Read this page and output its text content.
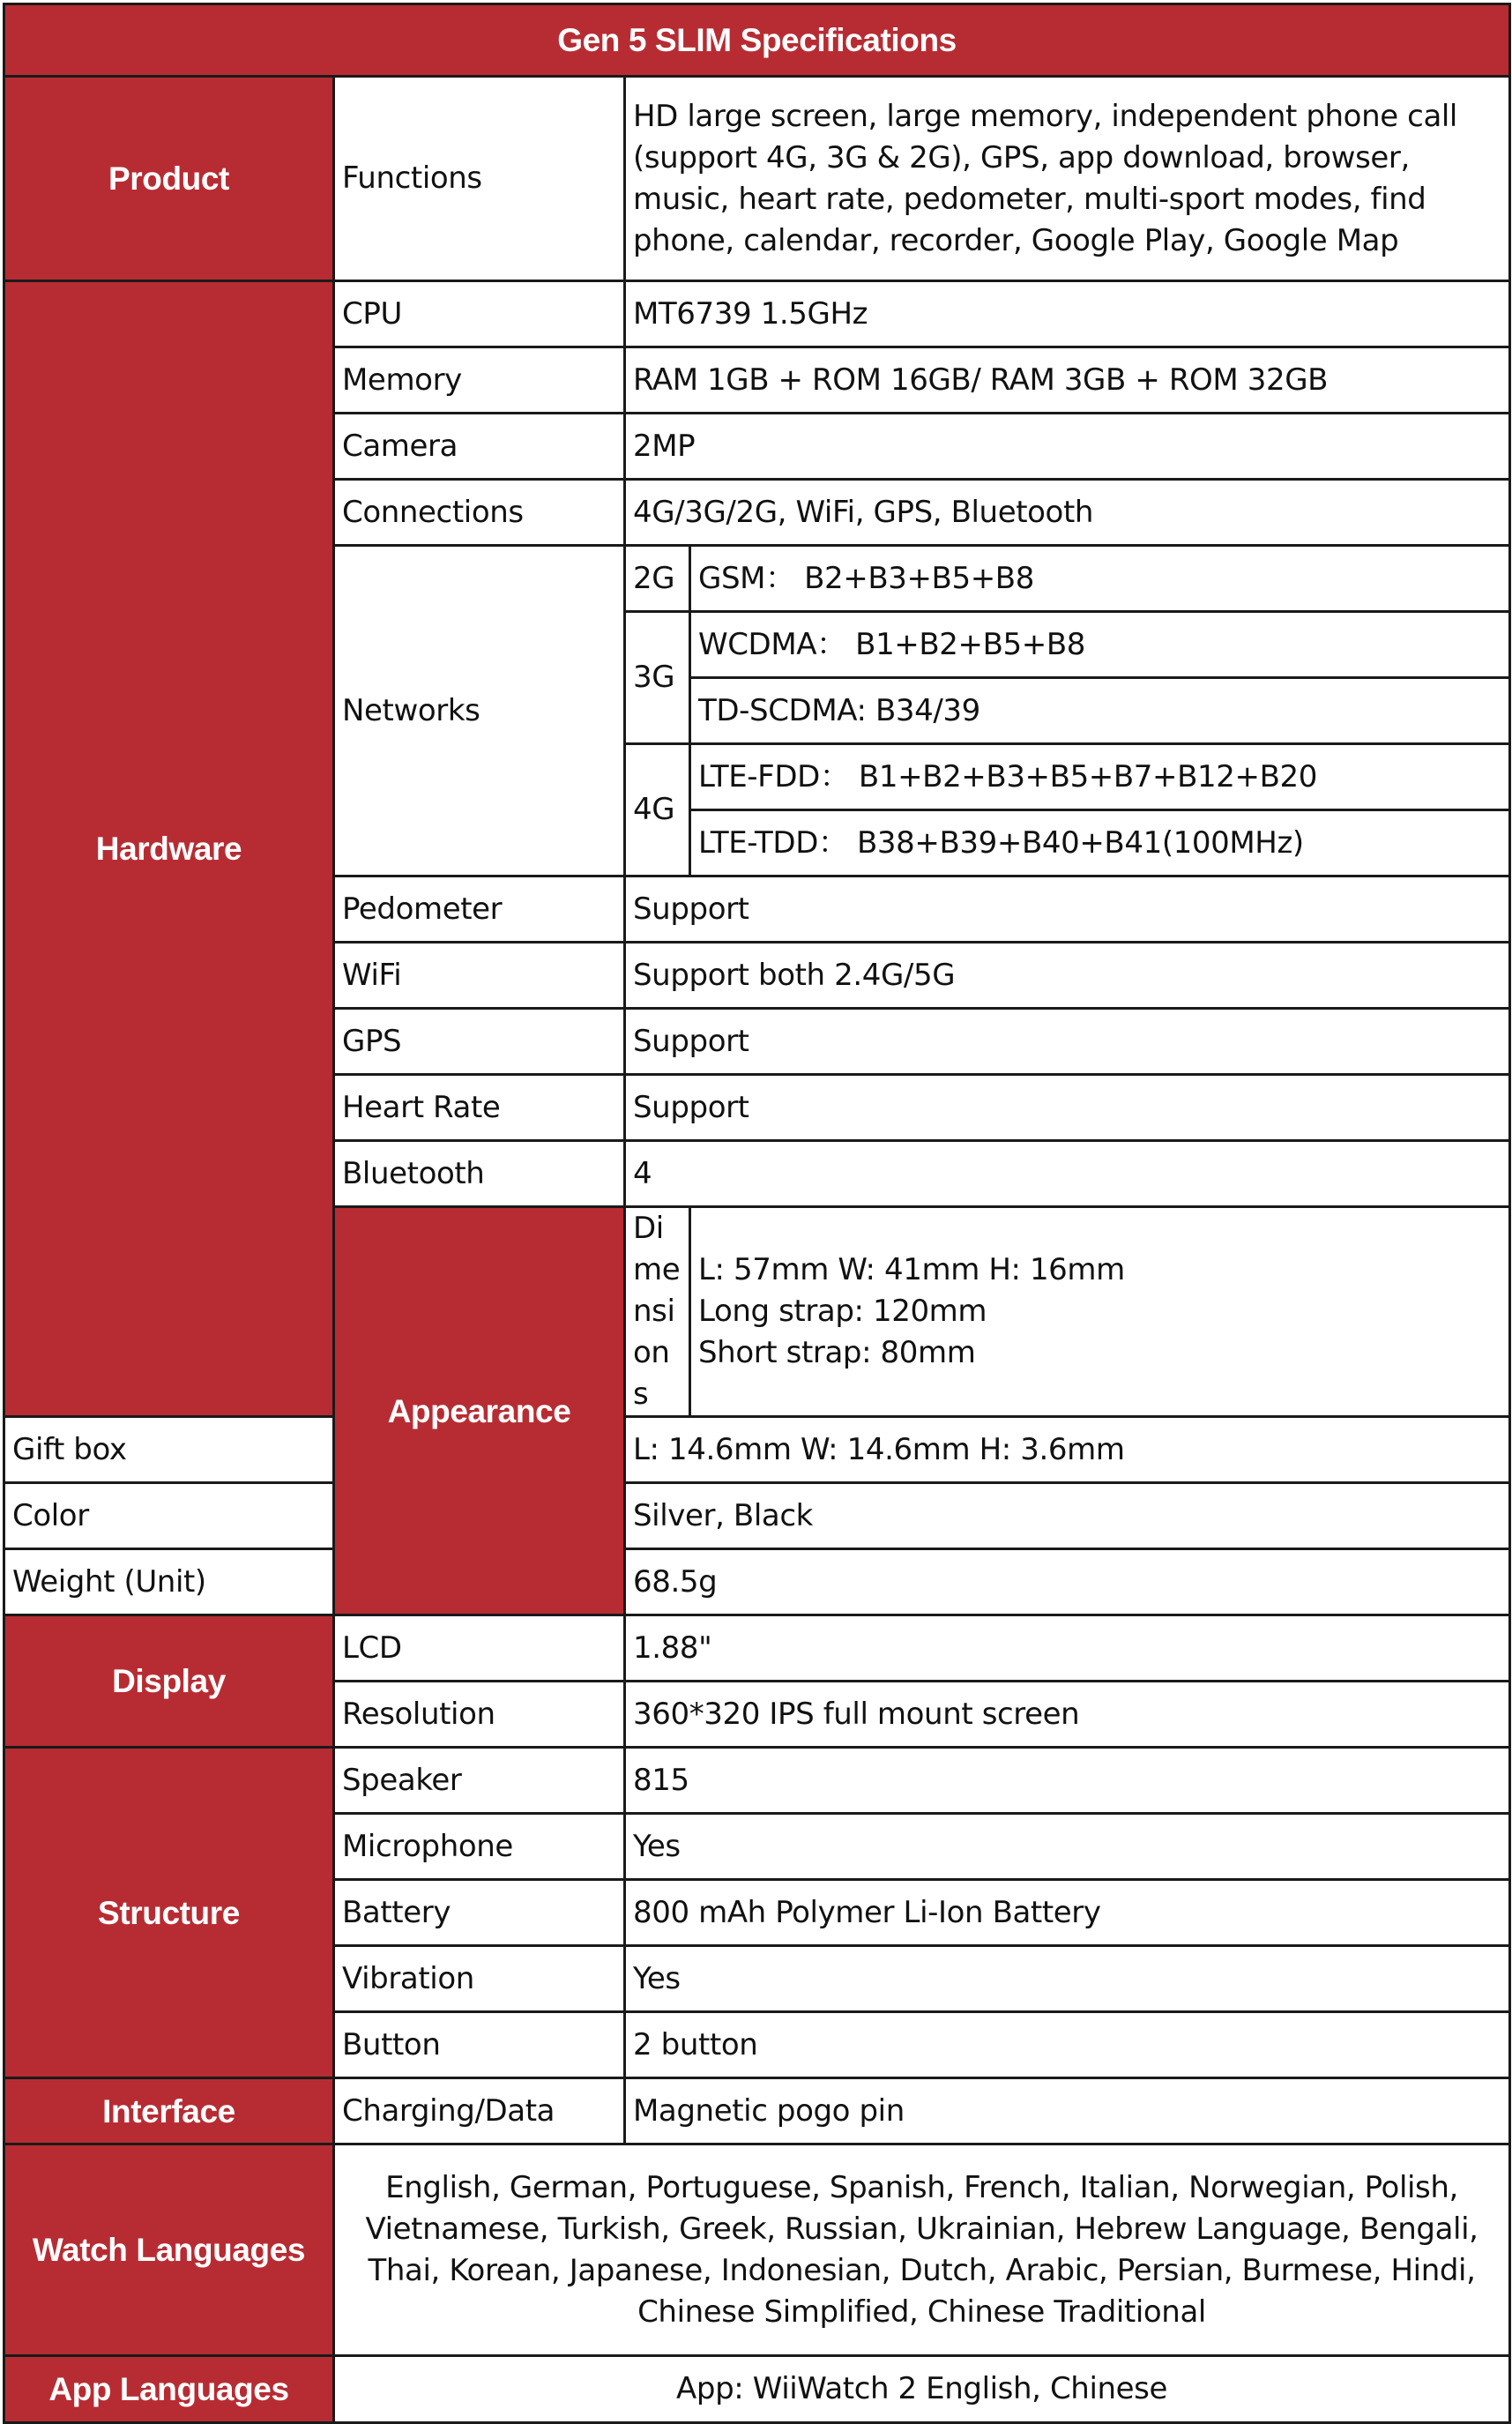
Gen 5 SLIM Specifications			
Product	Functions	HD large screen, large memory, independent phone call (support 4G, 3G & 2G), GPS, app download, browser, music, heart rate, pedometer, multi-sport modes, find phone, calendar, recorder, Google Play, Google Map	
Hardware	CPU	MT6739 1.5GHz	
	Memory	RAM 1GB + ROM 16GB/ RAM 3GB + ROM 32GB	
	Camera	2MP	
	Connections	4G/3G/2G, WiFi, GPS, Bluetooth	
	Networks	2G	GSM： B2+B3+B5+B8
		3G	WCDMA： B1+B2+B5+B8
			TD-SCDMA: B34/39
		4G	LTE-FDD： B1+B2+B3+B5+B7+B12+B20
			LTE-TDD： B38+B39+B40+B41(100MHz)
	Pedometer	Support	
	WiFi	Support both 2.4G/5G	
	GPS	Support	
	Heart Rate	Support	
	Bluetooth	4	
	Appearance	Dimensions	L: 57mm W: 41mm H: 16mm
Long strap: 120mm
Short strap: 80mm

Gift box		L: 14.6mm W: 14.6mm H: 3.6mm	
Color		Silver, Black	
Weight (Unit)		68.5g	
Display	LCD	1.88"	
	Resolution	360*320 IPS full mount screen	
Structure	Speaker	815	
	Microphone	Yes	
	Battery	800 mAh Polymer Li-Ion Battery	
	Vibration	Yes	
	Button	2 button	
Interface	Charging/Data	Magnetic pogo pin	
Watch Languages	English, German, Portuguese, Spanish, French, Italian, Norwegian, Polish, Vietnamese, Turkish, Greek, Russian, Ukrainian, Hebrew Language, Bengali, Thai, Korean, Japanese, Indonesian, Dutch, Arabic, Persian, Burmese, Hindi, Chinese Simplified, Chinese Traditional		
App Languages	App: WiiWatch 2 English, Chinese		
